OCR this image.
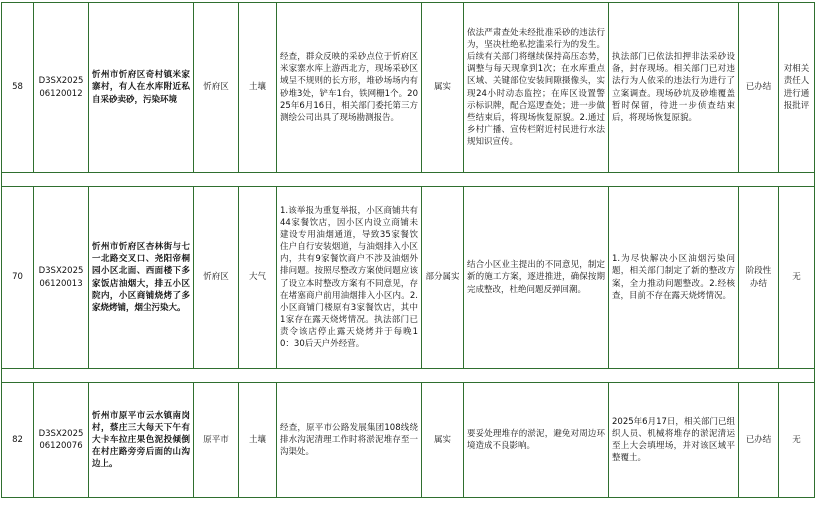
58	D3SX202506120012	忻州市忻府区奇村镇米家寨村，有人在水库附近私自采砂卖砂，污染环境	忻府区	土壤	经查，群众反映的采砂点位于忻府区米家寨水库上游西北方，现场采砂区域呈不规则的长方形，堆砂场场内有砂堆3处，铲车1台，铁网栅1个。2025年6月16日，相关部门委托第三方测绘公司出具了现场勘测报告。	属实	依法严肃查处未经批准采砂的违法行为，坚决杜绝私挖滥采行为的发生。后续有关部门将继续保持高压态势，调整与每天现拿到1次；在水库重点区域、关键部位安装间隙摄像头，实现24小时动态监控；在库区设置警示标识牌，配合巡逻查处；进一步做些结束后，将现场恢复原貌。2.通过乡村广播、宣传栏附近村民进行水法规知识宣传。	执法部门已依法扣押非法采砂设备，封存现场。相关部门已对违法行为人依采的违法行为进行了立案调查。现场砂坑及砂堆覆盖暂时保留，待进一步侦查结束后，将现场恢复原貌。	已办结	对相关责任人进行通报批评

70	D3SX202506120013	忻州市忻府区杏林街与七一北路交叉口、尧阳帝桐园小区北面、西面楼下多家饭店油烟大，排五小区院内，小区商铺烧烤了多家烧烤铺，烟尘污染大。	忻府区	大气	1.该举报为重复举报，小区商铺共有44家餐饮店，因小区内设立商铺未建设专用油烟通道，导致35家餐饮住户自行安装烟道，与油烟排入小区内，共有9家餐饮商户不涉及油烟外排问题。按照尽整改方案使问题应该了设立本时整改方案有不同意见，存在堵塞商户前用油烟排入小区内。2.小区商铺门楼原有3家餐饮店，其中1家存在露天烧烤情况。执法部门已责令该店停止露天烧烤并于每晚10：30后天户外经营。	部分属实	结合小区业主提出的不同意见，制定新的施工方案，逐进推进，确保按期完成整改，杜绝问题反弹回潮。	1.为尽快解决小区油烟污染问题，相关部门制定了新的整改方案，全力推动问题整改。2.经核查，目前不存在露天烧烤情况。	阶段性办结	无

82	D3SX202506120076	忻州市原平市云水镇南岗村，蔡庄三大每天下午有大卡车拉庄果色泥投倾倒在村庄路旁旁后面的山沟边上。	原平市	土壤	经查，原平市公路发展集团108线绕排水沟泥清理工作时将淤泥堆存至一沟渠处。	属实	要妥处理堆存的淤泥，避免对周边环境造成不良影响。	2025年6月17日，相关部门已组织人员、机械将堆存的淤泥清运至上大会填埋场，并对该区域平整覆土。	已办结	无
